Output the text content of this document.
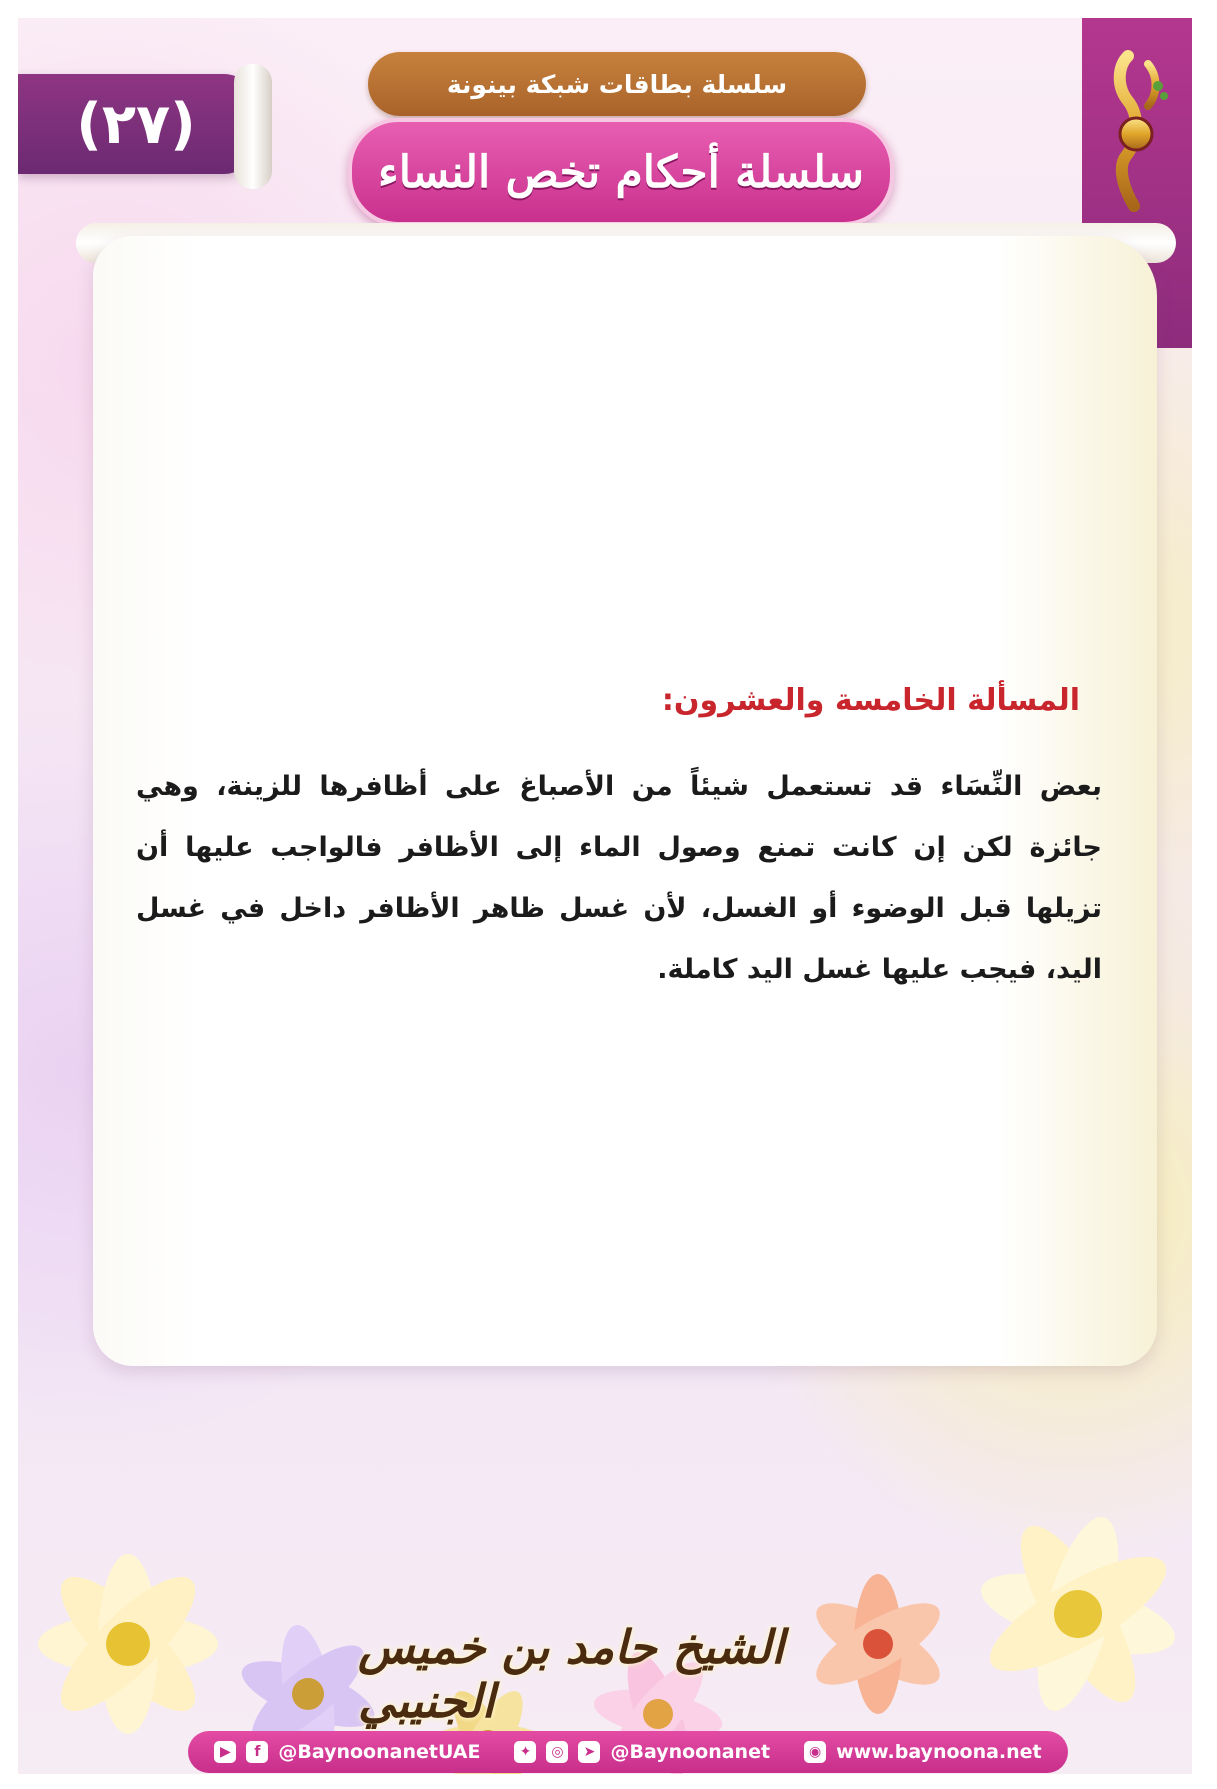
(٢٧)
سلسلة بطاقات شبكة بينونة
سلسلة أحكام تخص النساء
المسألة الخامسة والعشرون:
بعض النِّسَاء قد تستعمل شيئاً من الأصباغ على أظافرها للزينة، وهي جائزة لكن إن كانت تمنع وصول الماء إلى الأظافر فالواجب عليها أن تزيلها قبل الوضوء أو الغسل، لأن غسل ظاهر الأظافر داخل في غسل اليد، فيجب عليها غسل اليد كاملة.
الشيخ حامد بن خميس الجنيبي
▶	f @BaynoonanetUAE	✦	◎	➤ @Baynoonanet	◉ www.baynoona.net
